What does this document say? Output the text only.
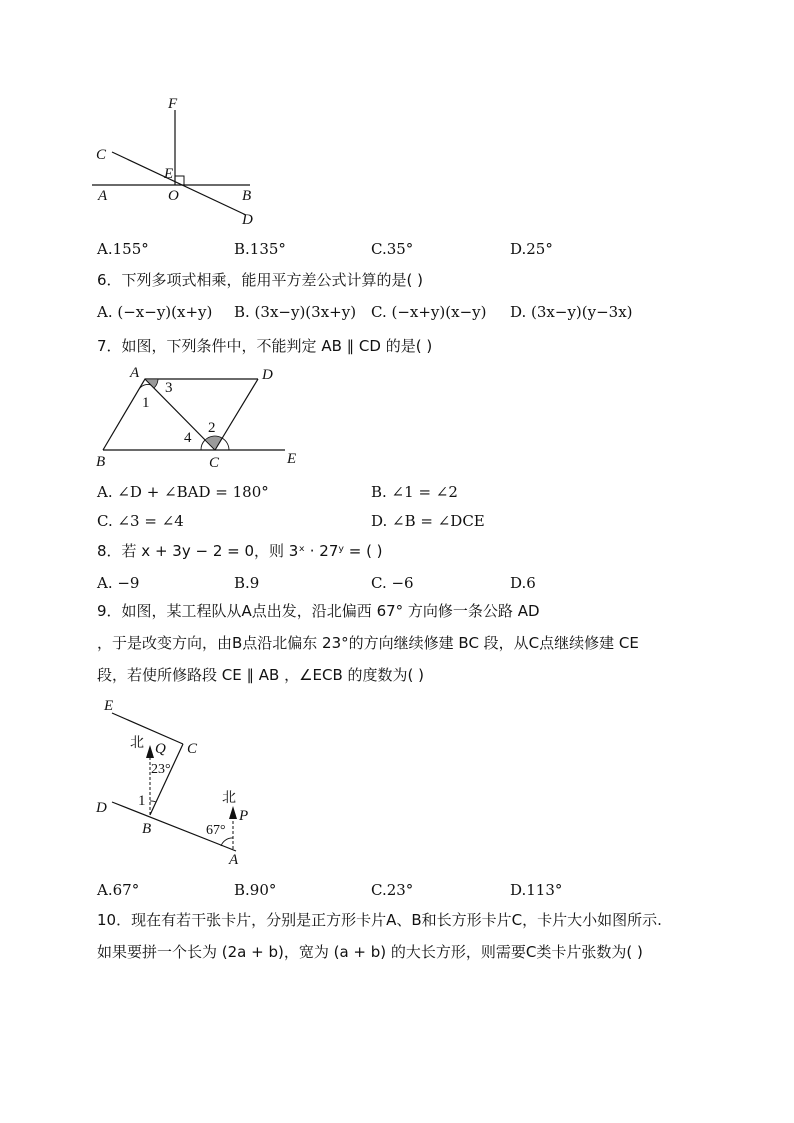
F
C
E
A	O	B
D
A.155°	B.135°	C.35°	D.25°
6．下列多项式相乘，能用平方差公式计算的是( )
A. (−x−y)(x+y) B. (3x−y)(3x+y) C. (−x+y)(x−y) D. (3x−y)(y−3x)
7．如图，下列条件中，不能判定 AB ∥ CD 的是( )
A	D
3
1
2
4
B	C	E
A. ∠D + ∠BAD = 180°	B. ∠1 = ∠2
C. ∠3 = ∠4	D. ∠B = ∠DCE
8．若 x + 3y − 2 = 0，则 3ˣ · 27ʸ = ( )
A. −9	B.9	C. −6	D.6
9．如图，某工程队从A点出发，沿北偏西 67° 方向修一条公路 AD
，于是改变方向，由B点沿北偏东 23°的方向继续修建 BC 段，从C点继续修建 CE
段，若使所修路段 CE ∥ AB ，∠ECB 的度数为( )
E
C
北 Q
23°
D 1
B
北
P
67°
A
A.67°	B.90°	C.23°	D.113°
10．现在有若干张卡片，分别是正方形卡片A、B和长方形卡片C，卡片大小如图所示.
如果要拼一个长为 (2a + b)，宽为 (a + b) 的大长方形，则需要C类卡片张数为( )
